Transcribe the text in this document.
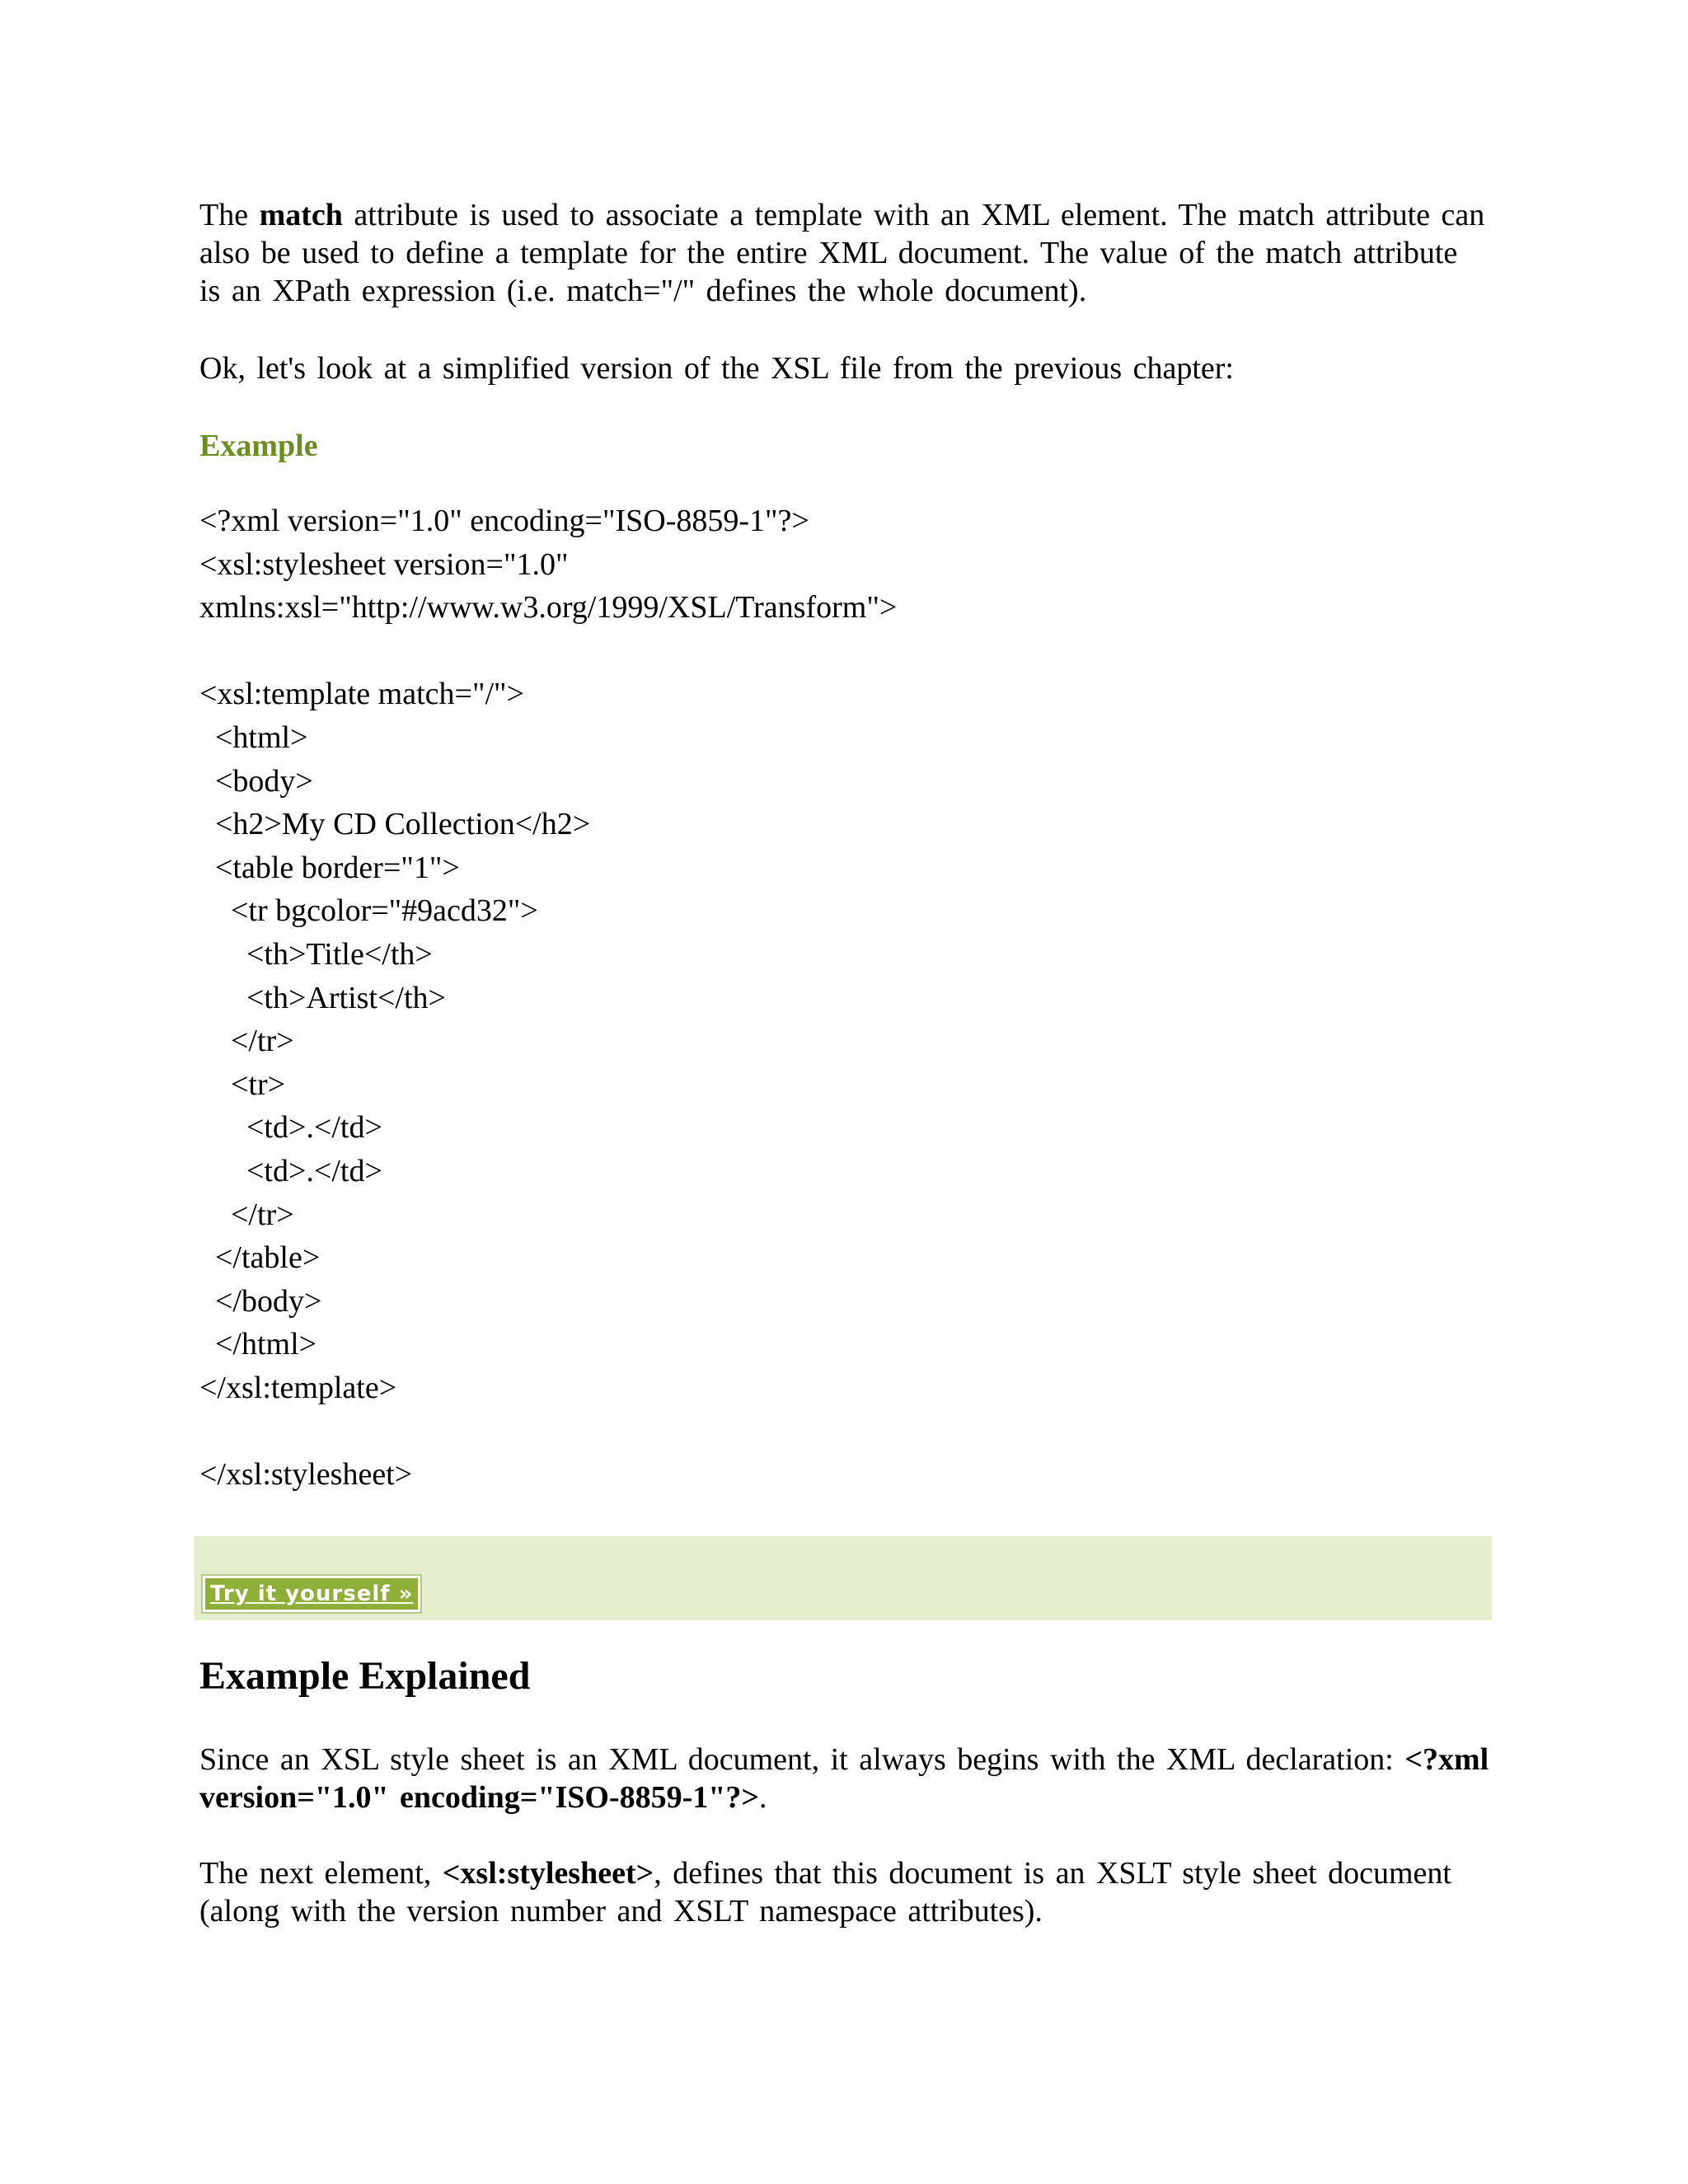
The match attribute is used to associate a template with an XML element. The match attribute can also be used to define a template for the entire XML document. The value of the match attribute is an XPath expression (i.e. match="/" defines the whole document).

Ok, let's look at a simplified version of the XSL file from the previous chapter:

Example

<?xml version="1.0" encoding="ISO-8859-1"?>
<xsl:stylesheet version="1.0"
xmlns:xsl="http://www.w3.org/1999/XSL/Transform">

<xsl:template match="/">
<html>
<body>
<h2>My CD Collection</h2>
<table border="1">
<tr bgcolor="#9acd32">
<th>Title</th>
<th>Artist</th>
</tr>
<tr>
<td>.</td>
<td>.</td>
</tr>
</table>
</body>
</html>
</xsl:template>

</xsl:stylesheet>
Try it yourself »
Example Explained

Since an XSL style sheet is an XML document, it always begins with the XML declaration: <?xml version="1.0" encoding="ISO-8859-1"?>.

The next element, <xsl:stylesheet>, defines that this document is an XSLT style sheet document (along with the version number and XSLT namespace attributes).
